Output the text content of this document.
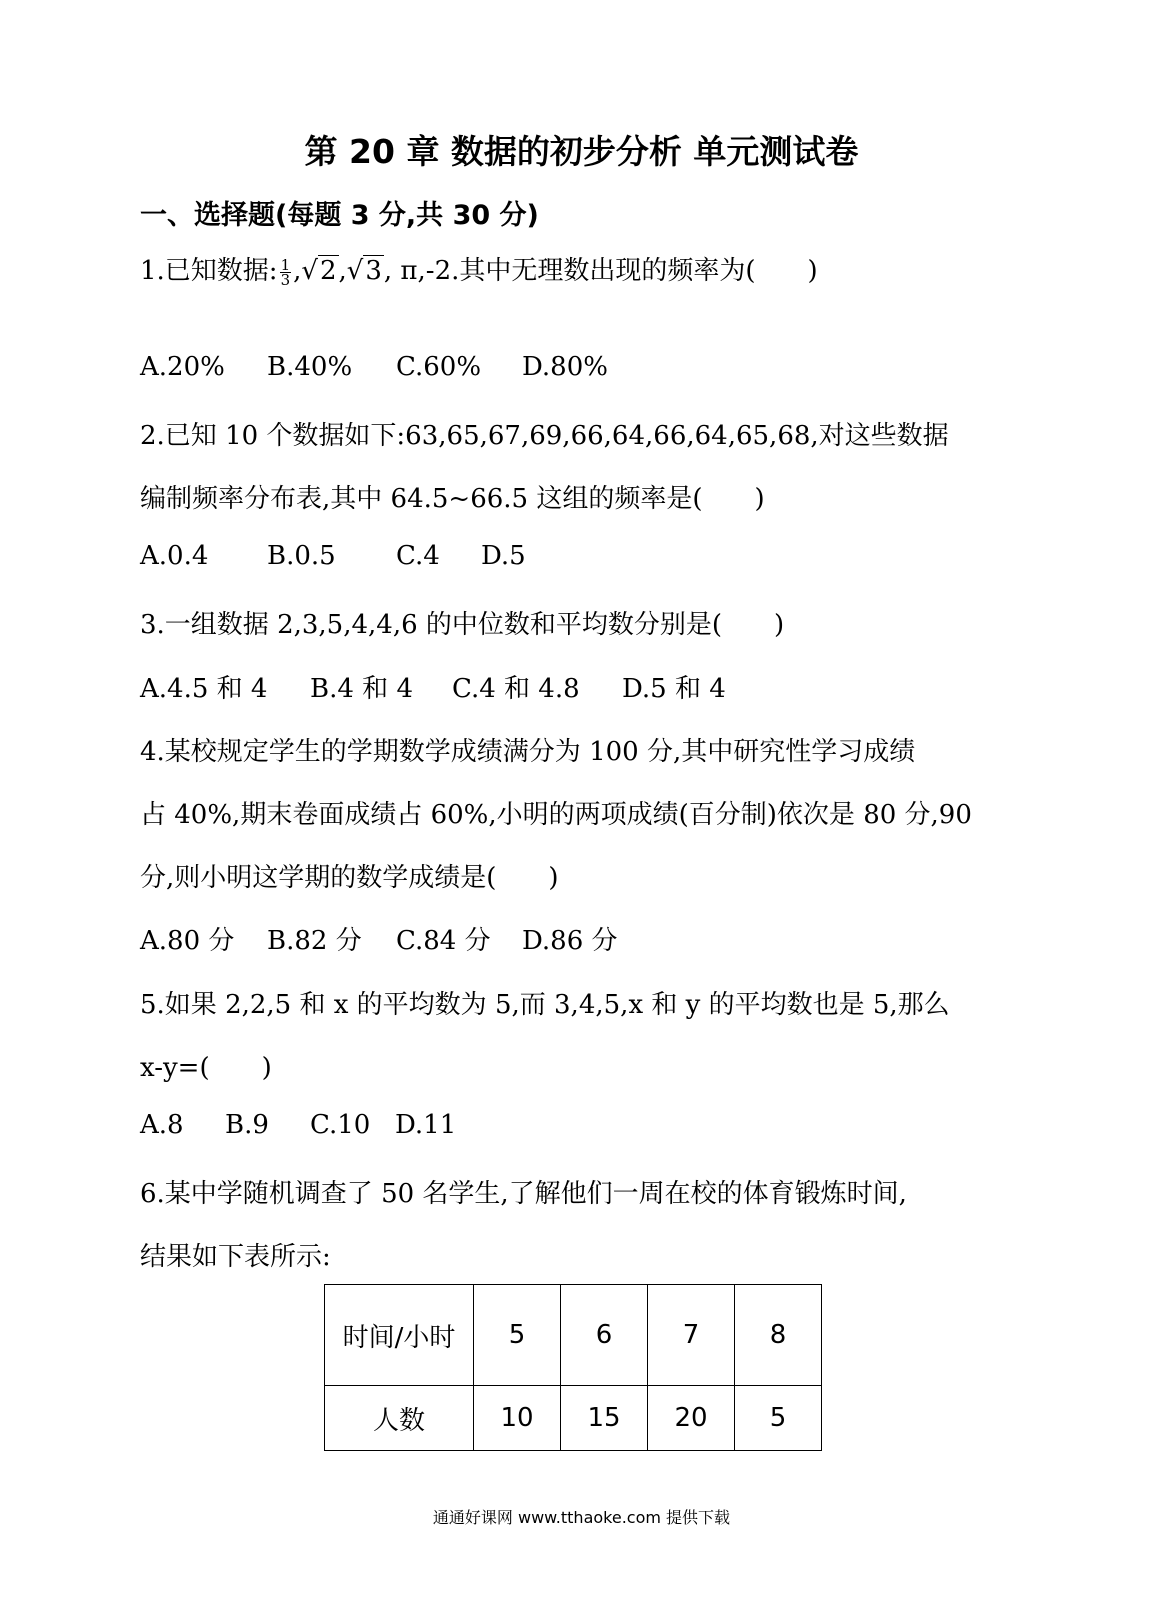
第 20 章 数据的初步分析 单元测试卷
一、选择题(每题 3 分,共 30 分)
1.已知数据: $\frac{1}{3} ,√2,√3$, π,-2.其中无理数出现的频率为(　　)
A.20% B.40% C.60% D.80%
2.已知 10 个数据如下:63,65,67,69,66,64,66,64,65,68,对这些数据
编制频率分布表,其中 64.5~66.5 这组的频率是(　　)
A.0.4 B.0.5 C.4 D.5
3.一组数据 2,3,5,4,4,6 的中位数和平均数分别是(　　)
A.4.5 和 4 B.4 和 4 C.4 和 4.8 D.5 和 4
4.某校规定学生的学期数学成绩满分为 100 分,其中研究性学习成绩
占 40%,期末卷面成绩占 60%,小明的两项成绩(百分制)依次是 80 分,90
分,则小明这学期的数学成绩是(　　)
A.80 分 B.82 分 C.84 分 D.86 分
5.如果 2,2,5 和 x 的平均数为 5,而 3,4,5,x 和 y 的平均数也是 5,那么
x-y=(　　)
A.8 B.9 C.10 D.11
6.某中学随机调查了 50 名学生,了解他们一周在校的体育锻炼时间,
结果如下表所示:
时间/小时	5	6	7	8
人数	10	15	20	5
通通好课网 www.tthaoke.com 提供下载
